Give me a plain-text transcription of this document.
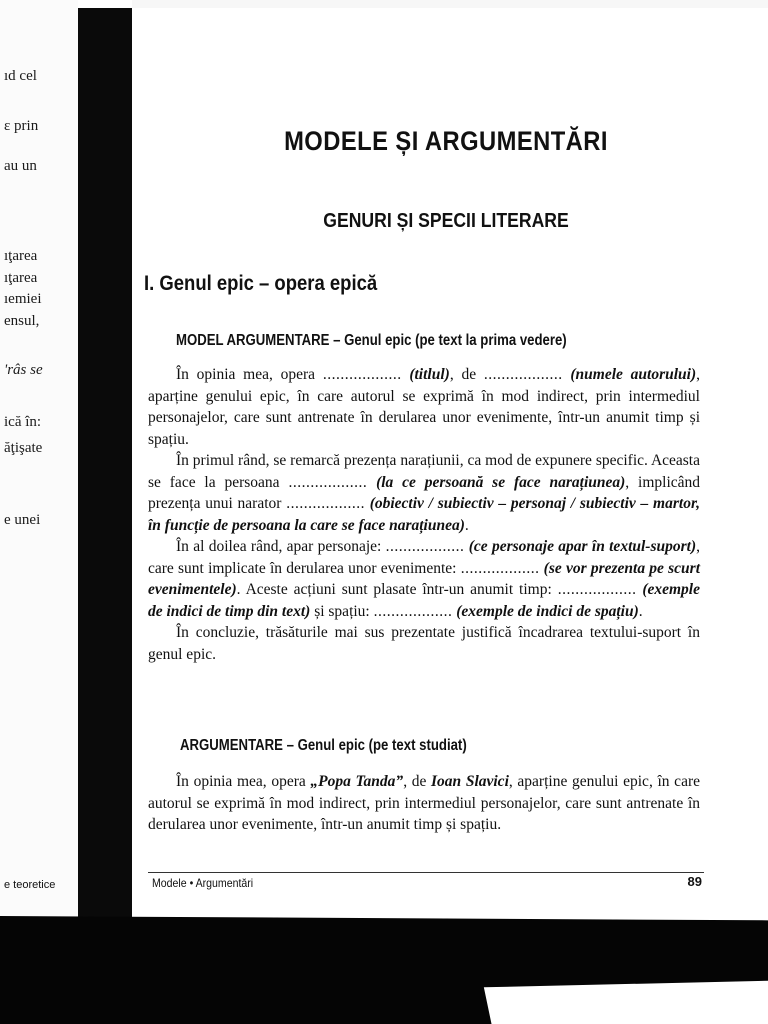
ıd cel
ɛ prin
au un
ıţarea
ıţarea
ıemiei
ensul,
'râs se
ică în:
ăţişate
e unei
e teoretice
MODELE ȘI ARGUMENTĂRI
GENURI ȘI SPECII LITERARE
I. Genul epic – opera epică
MODEL ARGUMENTARE – Genul epic (pe text la prima vedere)

În opinia mea, opera .................. (titlul), de .................. (numele autorului), aparține genului epic, în care autorul se exprimă în mod indirect, prin intermediul personajelor, care sunt antrenate în derularea unor evenimente, într-un anumit timp și spațiu.

În primul rând, se remarcă prezența narațiunii, ca mod de expunere specific. Aceasta se face la persoana .................. (la ce persoană se face narațiunea), implicând prezența unui narator .................. (obiectiv / subiectiv – personaj / subiectiv – martor, în funcție de persoana la care se face narațiunea).

În al doilea rând, apar personaje: .................. (ce personaje apar în textul-suport), care sunt implicate în derularea unor evenimente: .................. (se vor prezenta pe scurt evenimentele). Aceste acțiuni sunt plasate într-un anumit timp: .................. (exemple de indici de timp din text) și spațiu: .................. (exemple de indici de spațiu).

În concluzie, trăsăturile mai sus prezentate justifică încadrarea textului-suport în genul epic.

ARGUMENTARE – Genul epic (pe text studiat)

În opinia mea, opera „Popa Tanda”, de Ioan Slavici, aparține genului epic, în care autorul se exprimă în mod indirect, prin intermediul personajelor, care sunt antrenate în derularea unor evenimente, într-un anumit timp și spațiu.

Modele • Argumentări	89
